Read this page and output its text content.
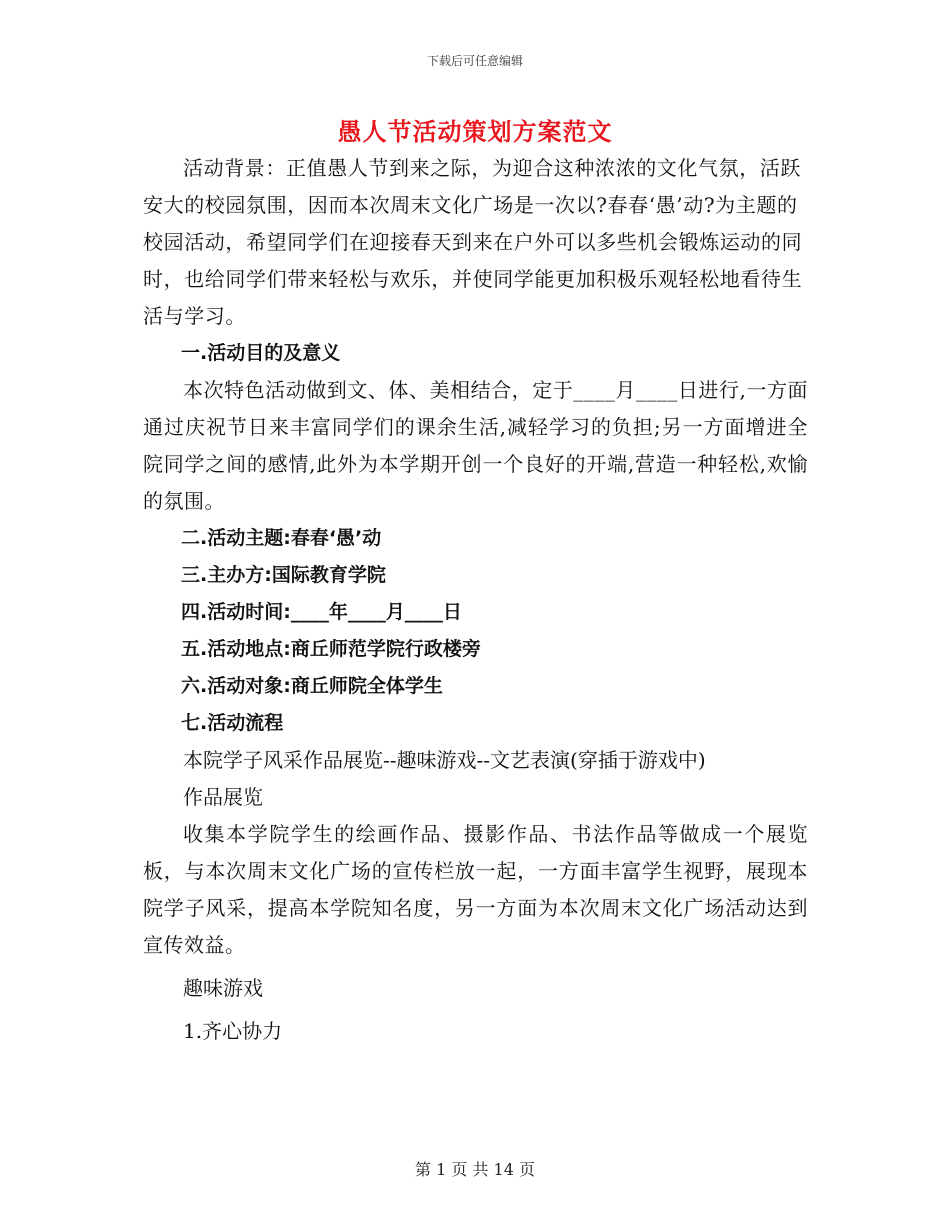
下载后可任意编辑
愚人节活动策划方案范文

活动背景：正值愚人节到来之际，为迎合这种浓浓的文化气氛，活跃安大的校园氛围，因而本次周末文化广场是一次以?春春‘愚’动?为主题的校园活动，希望同学们在迎接春天到来在户外可以多些机会锻炼运动的同时，也给同学们带来轻松与欢乐，并使同学能更加积极乐观轻松地看待生活与学习。

一.活动目的及意义

本次特色活动做到文、体、美相结合，定于____月____日进行,一方面通过庆祝节日来丰富同学们的课余生活,减轻学习的负担;另一方面增进全院同学之间的感情,此外为本学期开创一个良好的开端,营造一种轻松,欢愉的氛围。

二.活动主题:春春‘愚’动

三.主办方:国际教育学院

四.活动时间:____年____月____日

五.活动地点:商丘师范学院行政楼旁

六.活动对象:商丘师院全体学生

七.活动流程

本院学子风采作品展览--趣味游戏--文艺表演(穿插于游戏中)

作品展览

收集本学院学生的绘画作品、摄影作品、书法作品等做成一个展览板，与本次周末文化广场的宣传栏放一起，一方面丰富学生视野，展现本院学子风采，提高本学院知名度，另一方面为本次周末文化广场活动达到宣传效益。

趣味游戏

1.齐心协力

第 1 页 共 14 页
